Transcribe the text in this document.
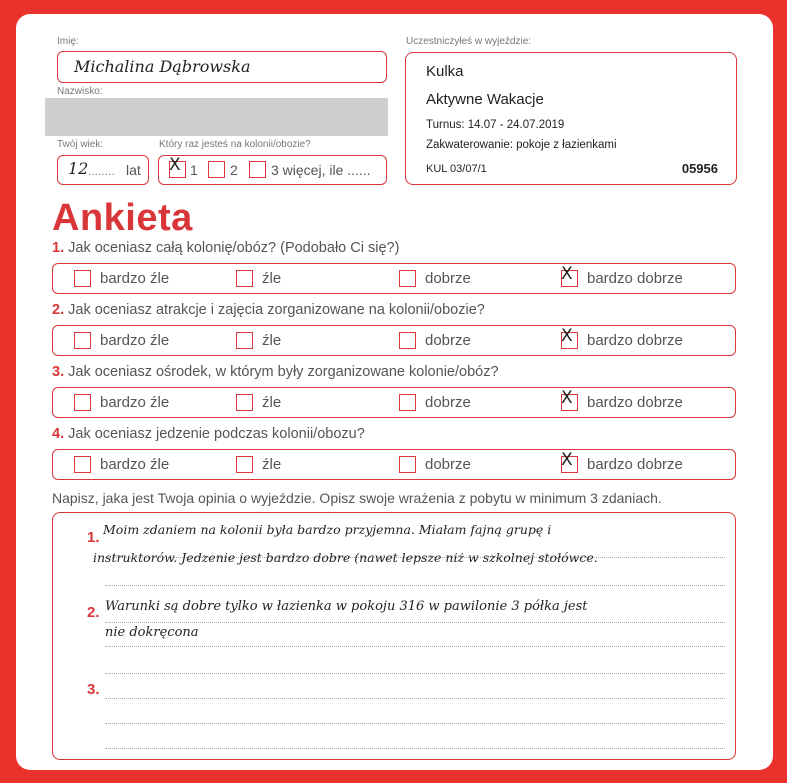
Imię:
Michalina Dąbrowska
Nazwisko:
Twój wiek:
12 ........ lat
Który raz jesteś na kolonii/obozie?
X 1 2 3 więcej, ile ......
Uczestniczyłeś w wyjeździe:
Kulka
Aktywne Wakacje
Turnus: 14.07 - 24.07.2019
Zakwaterowanie: pokoje z łazienkami
KUL 03/07/1	05956
Ankieta
1. Jak oceniasz całą kolonię/obóz? (Podobało Ci się?)
bardzo źle	źle	dobrze	X bardzo dobrze
2. Jak oceniasz atrakcje i zajęcia zorganizowane na kolonii/obozie?
bardzo źle	źle	dobrze	X bardzo dobrze
3. Jak oceniasz ośrodek, w którym były zorganizowane kolonie/obóz?
bardzo źle	źle	dobrze	X bardzo dobrze
4. Jak oceniasz jedzenie podczas kolonii/obozu?
bardzo źle	źle	dobrze	X bardzo dobrze
Napisz, jaka jest Twoja opinia o wyjeździe. Opisz swoje wrażenia z pobytu w minimum 3 zdaniach.
1.
2.
3.
Moim zdaniem na kolonii była bardzo przyjemna. Miałam fajną grupę i
instruktorów. Jedzenie jest bardzo dobre (nawet lepsze niż w szkolnej stołówce.
Warunki są dobre tylko w łazienka w pokoju 316 w pawilonie 3 półka jest
nie dokręcona
